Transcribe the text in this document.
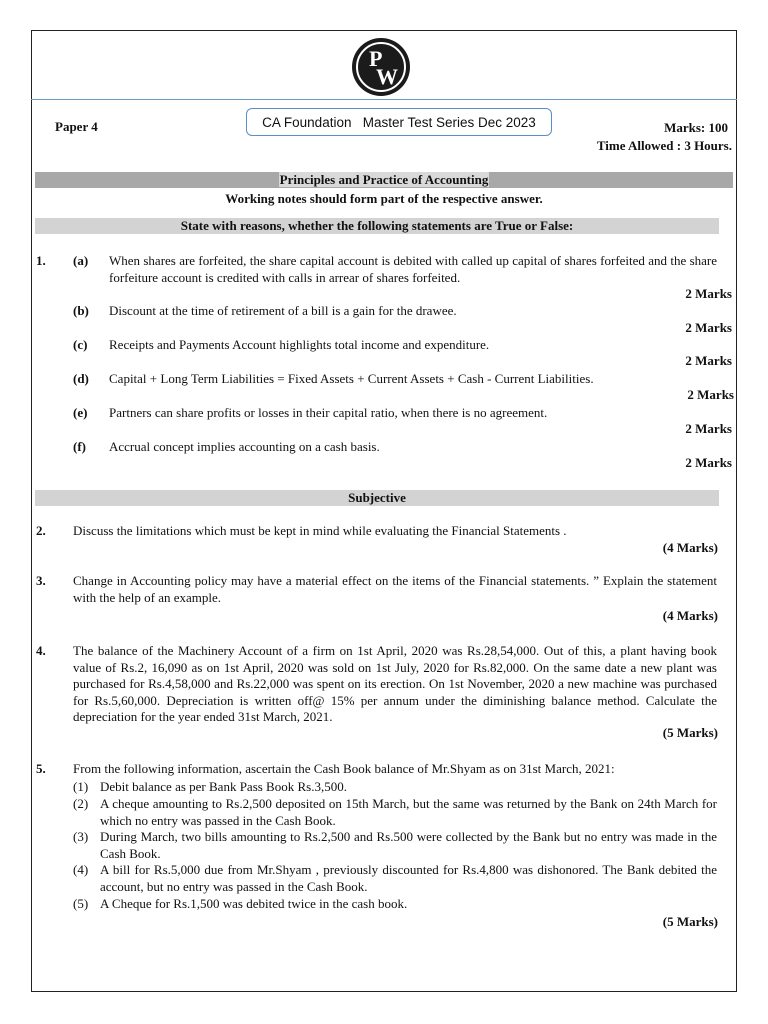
P
W
Paper 4	CA Foundation
Master Test Series Dec 2023	Marks: 100
Time Allowed : 3 Hours.
Principles and Practice of Accounting
Working notes should form part of the respective answer.
State with reasons, whether the following statements are True or False:
1. (a) When shares are forfeited, the share capital account is debited with called up capital of shares forfeited and the share forfeiture account is credited with calls in arrear of shares forfeited.
2 Marks
(b) Discount at the time of retirement of a bill is a gain for the drawee.
2 Marks
(c) Receipts and Payments Account highlights total income and expenditure.
2 Marks
(d) Capital + Long Term Liabilities = Fixed Assets + Current Assets + Cash - Current Liabilities.
2 Marks
(e) Partners can share profits or losses in their capital ratio, when there is no agreement.
2 Marks
(f) Accrual concept implies accounting on a cash basis.
2 Marks
Subjective
2. Discuss the limitations which must be kept in mind while evaluating the Financial Statements .
(4 Marks)
3. Change in Accounting policy may have a material effect on the items of the Financial statements. ” Explain the statement with the help of an example.
(4 Marks)
4. The balance of the Machinery Account of a firm on 1st April, 2020 was Rs.28,54,000. Out of this, a plant having book value of Rs.2, 16,090 as on 1st April, 2020 was sold on 1st July, 2020 for Rs.82,000. On the same date a new plant was purchased for Rs.4,58,000 and Rs.22,000 was spent on its erection. On 1st November, 2020 a new machine was purchased for Rs.5,60,000. Depreciation is written off@ 15% per annum under the diminishing balance method. Calculate the depreciation for the year ended 31st March, 2021.
(5 Marks)
5. From the following information, ascertain the Cash Book balance of Mr.Shyam as on 31st March, 2021:
(1) Debit balance as per Bank Pass Book Rs.3,500.
(2) A cheque amounting to Rs.2,500 deposited on 15th March, but the same was returned by the Bank on 24th March for which no entry was passed in the Cash Book.
(3) During March, two bills amounting to Rs.2,500 and Rs.500 were collected by the Bank but no entry was made in the Cash Book.
(4) A bill for Rs.5,000 due from Mr.Shyam , previously discounted for Rs.4,800 was dishonored. The Bank debited the account, but no entry was passed in the Cash Book.
(5) A Cheque for Rs.1,500 was debited twice in the cash book.
(5 Marks)
